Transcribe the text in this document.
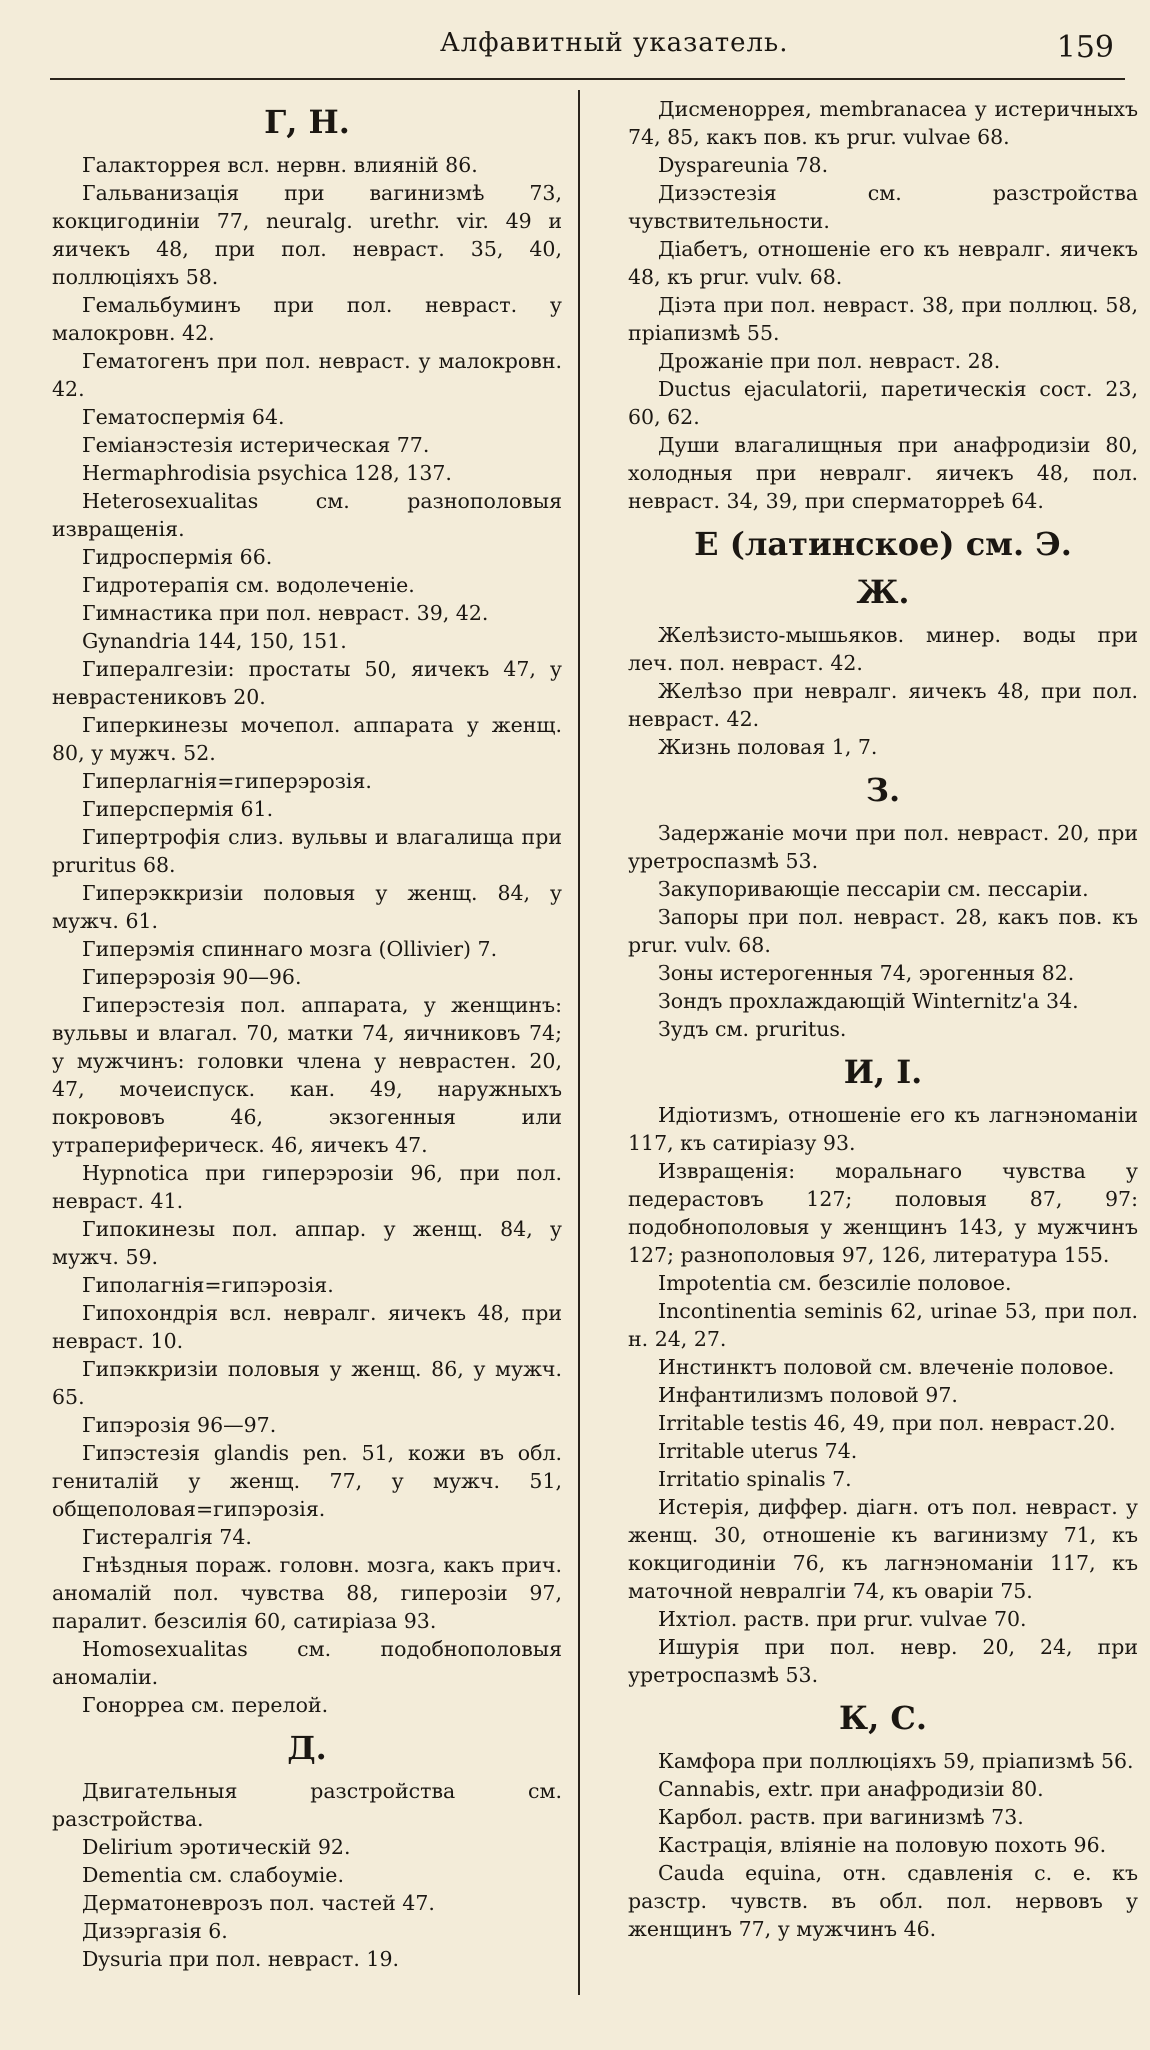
Алфавитный указатель.	159
Г, Н.

Галакторрея всл. нервн. влияній 86.

Гальванизація при вагинизмѣ 73, кокцигодиніи 77, neuralg. urethr. vir. 49 и яичекъ 48, при пол. неврaст. 35, 40, поллюціяхъ 58.

Гемальбуминъ при пол. неврaст. у малокровн. 42.

Гематогенъ при пол. неврaст. у малокровн. 42.

Гематоспермія 64.

Геміанэстезія истерическая 77.

Hermaphrodisia psychica 128, 137.

Heterosexualitas см. разнополовыя извращенія.

Гидроспермія 66.

Гидротерапія см. водолеченіе.

Гимнастика при пол. неврaст. 39, 42.

Gynandria 144, 150, 151.

Гипералгезіи: простаты 50, яичекъ 47, у неврaстениковъ 20.

Гиперкинезы мочепол. аппарата у женщ. 80, у мужч. 52.

Гиперлагнія=гиперэрозія.

Гиперспермія 61.

Гипертрофія слиз. вульвы и влагалища при pruritus 68.

Гиперэккризіи половыя у женщ. 84, у мужч. 61.

Гиперэмія спиннаго мозга (Ollivier) 7.

Гиперэрозія 90—96.

Гиперэстезія пол. аппарата, у женщинъ: вульвы и влагал. 70, матки 74, яичниковъ 74; у мужчинъ: головки члена у неврaстен. 20, 47, мочеиспуск. кан. 49, наружныхъ покрововъ 46, экзогенныя или утрапериферическ. 46, яичекъ 47.

Hypnotica при гиперэрозіи 96, при пол. неврaст. 41.

Гипокинезы пол. аппар. у женщ. 84, у мужч. 59.

Гиполагнія=гипэрозія.

Гипохондрія всл. невралг. яичекъ 48, при неврaст. 10.

Гипэккризіи половыя у женщ. 86, у мужч. 65.

Гипэрозія 96—97.

Гипэстезія glandis pen. 51, кожи въ обл. гениталій у женщ. 77, у мужч. 51, общеполовая=гипэрозія.

Гистералгія 74.

Гнѣздныя пораж. головн. мозга, какъ прич. аномалій пол. чувства 88, гиперозіи 97, паралит. безсилія 60, сатиріаза 93.

Homosexualitas см. подобнополовыя аномаліи.

Гонорреа см. перелой.

Д.

Двигательныя разстройства см. разстройства.

Delirium эротическій 92.

Dementia см. слабоуміе.

Дерматоневрозъ пол. частей 47.

Дизэргазія 6.

Dysuria при пол. неврaст. 19.

Дисменоррея, membranacea у истеричныхъ 74, 85, какъ пов. къ prur. vulvae 68.

Dyspareunia 78.

Дизэстезія см. разстройства чувствительности.

Діабетъ, отношеніе его къ невралг. яичекъ 48, къ prur. vulv. 68.

Діэта при пол. неврaст. 38, при поллюц. 58, пріапизмѣ 55.

Дрожаніе при пол. неврaст. 28.

Ductus ejaculatorii, паретическія сост. 23, 60, 62.

Души влагалищныя при анафродизіи 80, холодныя при невралг. яичекъ 48, пол. неврaст. 34, 39, при сперматорреѣ 64.

Е (латинское) см. Э.
Ж.

Желѣзисто-мышьяков. минер. воды при леч. пол. неврaст. 42.

Желѣзо при невралг. яичекъ 48, при пол. неврaст. 42.

Жизнь половая 1, 7.

З.

Задержаніе мочи при пол. неврaст. 20, при уретроспазмѣ 53.

Закупоривающіе пессаріи см. пессаріи.

Запоры при пол. неврaст. 28, какъ пов. къ prur. vulv. 68.

Зоны истерогенныя 74, эрогенныя 82.

Зондъ прохлаждающій Winternitz'а 34.

Зудъ см. pruritus.

И, I.

Идіотизмъ, отношеніе его къ лагнэноманіи 117, къ сатиріазу 93.

Извращенія: моральнаго чувства у педерастовъ 127; половыя 87, 97: подобнополовыя у женщинъ 143, у мужчинъ 127; разнополовыя 97, 126, литература 155.

Impotentia см. безсиліе половое.

Incontinentia seminis 62, urinae 53, при пол. н. 24, 27.

Инстинктъ половой см. влеченіе половое.

Инфантилизмъ половой 97.

Irritable testis 46, 49, при пол. неврaст.20.

Irritable uterus 74.

Irritatio spinalis 7.

Истерія, диффер. діагн. отъ пол. неврaст. у женщ. 30, отношеніе къ вагинизму 71, къ кокцигодиніи 76, къ лагнэноманіи 117, къ маточной невралгіи 74, къ оваріи 75.

Ихтіол. раств. при prur. vulvae 70.

Ишурія при пол. невр. 20, 24, при уретроспазмѣ 53.

К, С.

Камфора при поллюціяхъ 59, пріапизмѣ 56.

Cannabis, extr. при анафродизіи 80.

Карбол. раств. при вагинизмѣ 73.

Кастрація, вліяніе на половую похоть 96.

Cauda equina, отн. сдавленія с. е. къ разстр. чувств. въ обл. пол. нервовъ у женщинъ 77, у мужчинъ 46.
